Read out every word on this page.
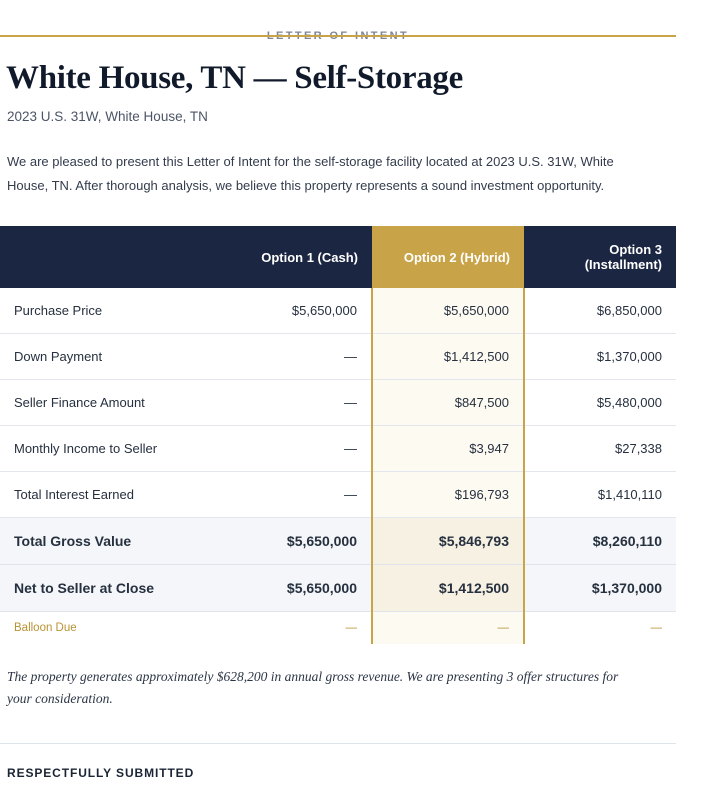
White House, TN — Self-Storage
2023 U.S. 31W, White House, TN

We are pleased to present this Letter of Intent for the self-storage facility located at 2023 U.S. 31W, White House, TN. After thorough analysis, we believe this property represents a sound investment opportunity.

	Option 1 (Cash)	Option 2 (Hybrid)	Option 3 (Installment)
Purchase Price	$5,650,000	$5,650,000	$6,850,000
Down Payment	—	$1,412,500	$1,370,000
Seller Finance Amount	—	$847,500	$5,480,000
Monthly Income to Seller	—	$3,947	$27,338
Total Interest Earned	—	$196,793	$1,410,110
Total Gross Value	$5,650,000	$5,846,793	$8,260,110
Net to Seller at Close	$5,650,000	$1,412,500	$1,370,000
Balloon Due	—	—	—

The property generates approximately $628,200 in annual gross revenue. We are presenting 3 offer structures for your consideration.

RESPECTFULLY SUBMITTED
